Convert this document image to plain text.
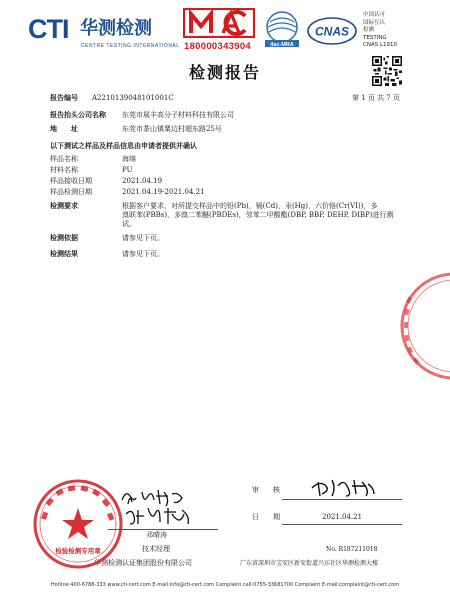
CTI 华测检测
CENTRE TESTING INTERNATIONAL 180000343904	ilac-MRA
CNAS
中国认可
国际互认
检测
TESTING
CNAS L1910
检测报告
报告编号 A2210139048101001C	第 1 页 共 7 页
报告抬头公司名称 东莞市展丰高分子材料科技有限公司
地　　址	东莞市茶山镇粟边村超东路25号
以下测试之样品及样品信息由申请者提供并确认
样品名称	海绵
材料名称	PU
样品接收日期	2021.04.19
样品检测日期	2021.04.19-2021.04.21
检测要求	根据客户要求，对所提交样品中的铅(Pb)，镉(Cd)，汞(Hg)，六价铬(Cr(VI))，多
溴联苯(PBBs)，多溴二苯醚(PBDEs)，邻苯二甲酸酯(DBP, BBP, DEHP, DIBP)进行测
试。
检测依据	请参见下页。
检测结果	请参见下页。
审　　核
日　　期	2021.04.21
邓晴涛
技术经理
华测检测认证集团股份有限公司
No. R187211018
广东省深圳市宝安区新安街道兴东社区华测检测大楼
检验检测专用章
Hotline:400-6788-333 www.cti-cert.com E-mail:info@cti-cert.com Complaint call:0755-33681700 Complaint E-mail:complaint@cti-cert.com
